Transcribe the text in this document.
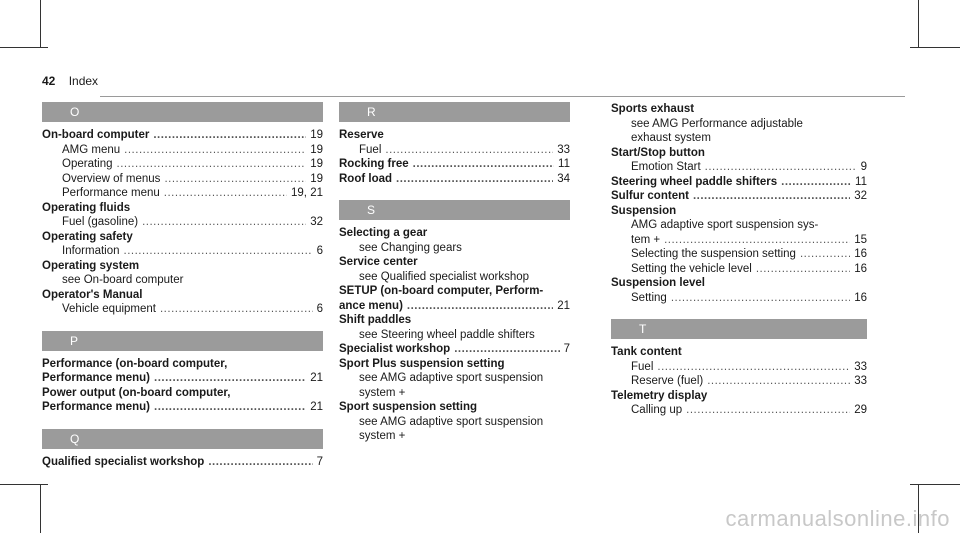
42 Index
O
On-board computer .....	19
AMG menu .....	19
Operating .....	19
Overview of menus .....	19
Performance menu .....	19, 21
Operating fluids
Fuel (gasoline) .....	32
Operating safety
Information .....	6
Operating system
see On-board computer
Operator's Manual
Vehicle equipment .....	6
P
Performance (on-board computer,
Performance menu) .....	21
Power output (on-board computer,
Performance menu) .....	21
Q
Qualified specialist workshop .....	7
R
Reserve
Fuel .....	33
Rocking free .....	11
Roof load .....	34
S
Selecting a gear
see Changing gears
Service center
see Qualified specialist workshop
SETUP (on-board computer, Perform-
ance menu) .....	21
Shift paddles
see Steering wheel paddle shifters
Specialist workshop .....	7
Sport Plus suspension setting
see AMG adaptive sport suspension
system +
Sport suspension setting
see AMG adaptive sport suspension
system +
Sports exhaust
see AMG Performance adjustable
exhaust system
Start/Stop button
Emotion Start .....	9
Steering wheel paddle shifters .....	11
Sulfur content .....	32
Suspension
AMG adaptive sport suspension sys-
tem + .....	15
Selecting the suspension setting .....	16
Setting the vehicle level .....	16
Suspension level
Setting .....	16
T
Tank content
Fuel .....	33
Reserve (fuel) .....	33
Telemetry display
Calling up .....	29
carmanualsonline.info
